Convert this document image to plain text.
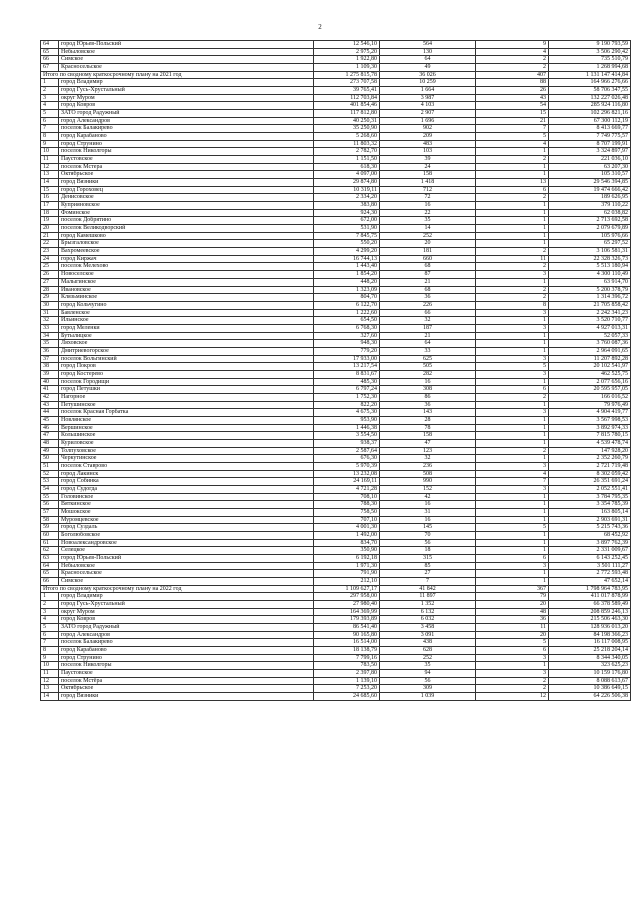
2
64	город Юрьев-Польский	12 546,10	564	9	9 190 793,59
65	Небыловское	2 975,20	130	4	3 506 290,42
66	Симское	1 922,80	64	2	735 510,79
67	Красносельское	1 109,30	49	2	1 268 994,68
Итого по сводному краткосрочному плану на 2021 год		1 275 815,78	36 026	407	1 131 147 414,84
1	город Владимир	273 707,58	10 259	88	164 966 276,66
2	город Гусь-Хрустальный	39 765,41	1 664	26	58 706 347,55
3	округ Муром	112 703,84	3 987	43	132 227 026,48
4	город Ковров	401 854,46	4 103	54	285 924 116,80
5	ЗАТО город Радужный	117 812,80	2 907	15	102 296 821,16
6	город Александров	40 250,31	1 696	21	67 300 112,19
7	поселок Балакирево	35 250,90	902	7	8 413 669,77
8	город Карабаново	5 268,60	209	5	7 749 775,57
9	город Струнино	11 803,32	483	4	8 707 199,91
10	поселок Николгоры	2 782,70	103	1	3 324 897,97
11	Паустовское	1 151,50	39	2	221 036,10
12	поселок Мстера	618,30	24	1	63 207,30
13	Октябрьское	4 097,00	158	1	105 310,57
14	город Вязники	29 874,80	1 418	13	29 546 394,85
15	город Гороховец	10 319,11	712	6	19 474 666,42
16	Денисовское	2 334,20	72	2	189 626,95
17	Куприяновское	383,80	16	1	379 110,22
18	Фоминское	924,30	22	1	62 038,82
19	поселок Добрятино	672,00	35	1	2 713 692,58
20	поселок Великодворский	531,90	14	1	2 079 679,89
21	город Камешково	7 845,75	252	1	105 976,66
22	Брызгаловское	550,20	20	1	65 297,52
23	Вахромеевское	4 299,20	181	2	3 106 581,31
24	город Киржач	16 744,13	660	11	22 328 326,73
25	поселок Мелехово	1 443,40	68	2	5 513 180,94
26	Новоселское	1 854,20	87	3	4 300 110,49
27	Малыгинское	448,20	21	1	63 914,70
28	Ивановское	1 323,09	68	2	5 200 378,79
29	Клязьминское	804,70	36	2	1 314 396,72
30	город Кольчугино	6 122,70	226	8	21 705 858,42
31	Бавленское	1 222,60	66	3	2 242 341,23
32	Ильинское	654,50	32	1	3 520 710,77
33	город Меленки	6 768,30	187	3	4 927 013,31
34	Бутылицкое	327,60	21	1	52 057,33
35	Ляховское	948,30	64	1	3 760 087,36
36	Дмитриевогорское	779,20	33	1	2 964 091,65
37	поселок Вольгинский	17 933,00	625	3	11 207 892,28
38	город Покров	13 217,54	505	5	20 102 541,97
39	город Костерево	8 831,67	282	3	462 525,75
40	поселок Городищи	485,30	16	1	2 077 656,16
41	город Петушки	6 797,24	308	6	20 595 957,05
42	Нагорное	1 752,30	86	2	166 016,52
43	Петушинское	822,20	36	1	79 976,49
44	поселок Красная Горбатка	4 675,30	143	3	4 904 419,77
45	Новлянское	953,90	28	1	3 567 998,53
46	Вершинское	1 446,38	78	1	3 892 974,33
47	Кольшинское	3 554,50	158	1	7 815 780,15
48	Куриловское	938,37	47	1	4 539 478,74
49	Толпуховское	2 587,64	123	2	147 928,20
50	Черкутинское	676,30	32	1	2 352 260,79
51	поселок Ставрово	5 970,39	236	3	2 721 719,48
52	город Лакинск	13 232,08	508	4	8 302 059,42
53	город Собинка	24 169,11	990	7	26 351 691,24
54	город Судогда	4 721,28	152	3	2 052 551,41
55	Головинское	708,10	42	1	3 784 795,35
56	Вяткинское	788,30	16	1	3 354 785,39
57	Мошокское	758,50	31	1	163 805,14
58	Муромцевское	707,10	16	1	2 903 691,31
59	город Суздаль	4 001,30	145	5	5 215 743,36
60	Боголюбовское	1 492,00	70	1	68 452,92
61	Новоалександровское	834,70	56	1	3 897 762,39
62	Селецкое	350,90	18	1	2 331 009,67
63	город Юрьев-Польский	6 192,18	315	6	6 143 252,45
64	Небыловское	1 971,30	85	3	3 501 111,27
65	Красносельское	791,90	27	1	2 772 593,48
66	Симское	212,10	7	1	47 652,14
Итого по сводному краткосрочному плану на 2022 год		1 109 627,17	41 842	367	1 798 964 783,95
1	город Владимир	297 958,00	11 897	79	411 017 878,99
2	город Гусь-Хрустальный	27 980,40	1 352	20	66 378 589,49
3	округ Муром	164 369,99	6 132	48	208 859 246,13
4	город Ковров	179 393,89	6 032	36	215 506 463,30
5	ЗАТО город Радужный	86 541,40	3 458	11	128 936 013,20
6	город Александров	90 165,80	3 091	20	84 198 366,23
7	поселок Балакирево	16 514,00	438	5	16 117 008,95
8	город Карабаново	18 138,79	628	6	25 218 204,14
9	город Струнино	7 799,16	252	3	8 344 340,05
10	поселок Николгоры	783,50	35	1	323 625,23
11	Паустовское	2 397,80	94	3	10 159 176,80
12	поселок Мстёра	1 139,10	56	2	8 088 613,67
13	Октябрьское	7 253,20	309	2	10 386 649,15
14	город Вязники	24 685,60	1 039	12	64 226 506,38
